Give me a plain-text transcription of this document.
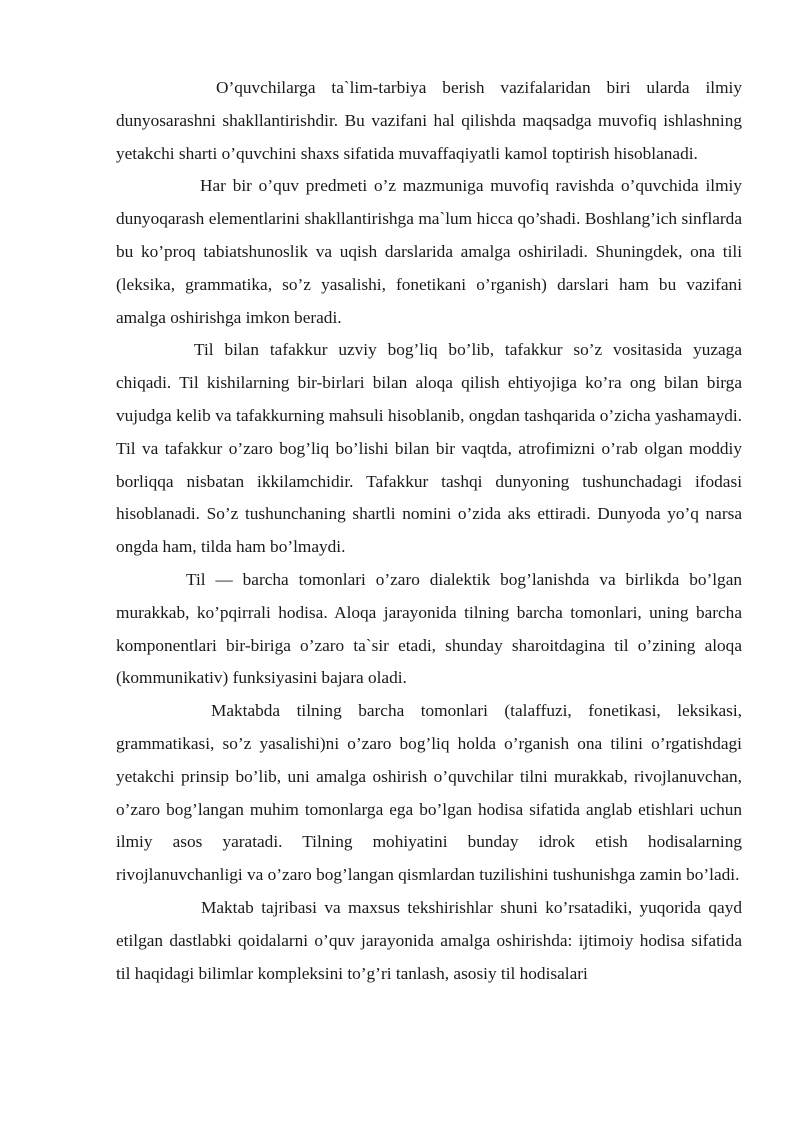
O’quvchilarga ta`lim-tarbiya berish vazifalaridan biri ularda ilmiy dunyosarashni shakllantirishdir. Bu vazifani hal qilishda maqsadga muvofiq ishlashning yetakchi sharti o’quvchini shaxs sifatida muvaffaqiyatli kamol toptirish hisoblanadi.

Har bir o’quv predmeti o’z mazmuniga muvofiq ravishda o’quvchida ilmiy dunyoqarash elementlarini shakllantirishga ma`lum hicca qo’shadi. Boshlang’ich sinflarda bu ko’proq tabiatshunoslik va uqish darslarida amalga oshiriladi. Shuningdek, ona tili (leksika, grammatika, so’z yasalishi, fonetikani o’rganish) darslari ham bu vazifani amalga oshirishga imkon beradi.

Til bilan tafakkur uzviy bog’liq bo’lib, tafakkur so’z vositasida yuzaga chiqadi. Til kishilarning bir-birlari bilan aloqa qilish ehtiyojiga ko’ra ong bilan birga vujudga kelib va tafakkurning mahsuli hisoblanib, ongdan tashqarida o’zicha yashamaydi. Til va tafakkur o’zaro bog’liq bo’lishi bilan bir vaqtda, atrofimizni o’rab olgan moddiy borliqqa nisbatan ikkilamchidir. Tafakkur tashqi dunyoning tushunchadagi ifodasi hisoblanadi. So’z tushunchaning shartli nomini o’zida aks ettiradi. Dunyoda yo’q narsa ongda ham, tilda ham bo’lmaydi.

Til — barcha tomonlari o’zaro dialektik bog’lanishda va birlikda bo’lgan murakkab, ko’pqirrali hodisa. Aloqa jarayonida tilning barcha tomonlari, uning barcha komponentlari bir-biriga o’zaro ta`sir etadi, shunday sharoitdagina til o’zining aloqa (kommunikativ) funksiyasini bajara oladi.

Maktabda tilning barcha tomonlari (talaffuzi, fonetikasi, leksikasi, grammatikasi, so’z yasalishi)ni o’zaro bog’liq holda o’rganish ona tilini o’rgatishdagi yetakchi prinsip bo’lib, uni amalga oshirish o’quvchilar tilni murakkab, rivojlanuvchan, o’zaro bog’langan muhim tomonlarga ega bo’lgan hodisa sifatida anglab etishlari uchun ilmiy asos yaratadi. Tilning mohiyatini bunday idrok etish hodisalarning rivojlanuvchanligi va o’zaro bog’langan qismlardan tuzilishini tushunishga zamin bo’ladi.

Maktab tajribasi va maxsus tekshirishlar shuni ko’rsatadiki, yuqorida qayd etilgan dastlabki qoidalarni o’quv jarayonida amalga oshirishda: ijtimoiy hodisa sifatida til haqidagi bilimlar kompleksini to’g’ri tanlash, asosiy til hodisalari
